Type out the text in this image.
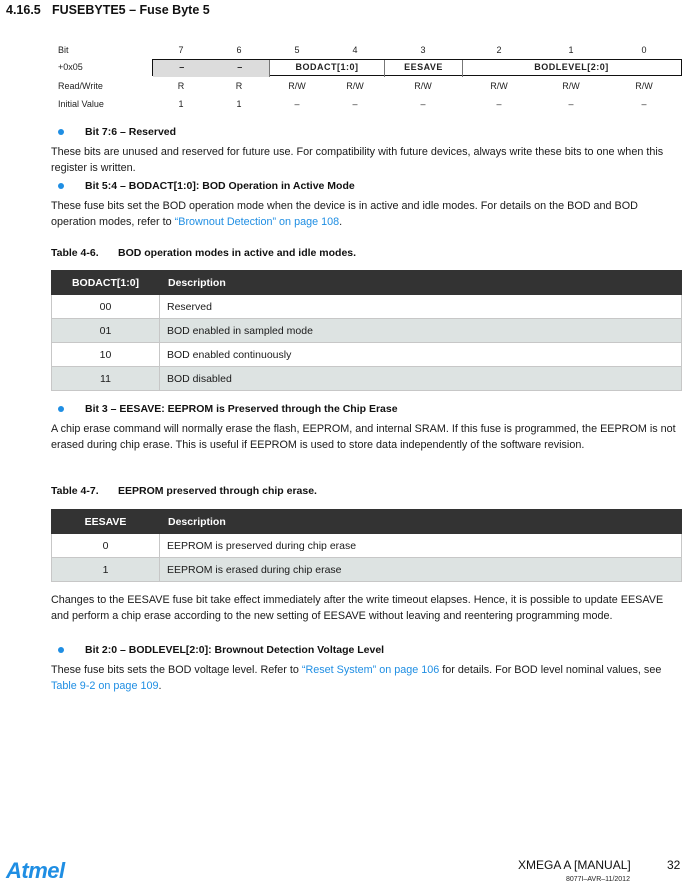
4.16.5 FUSEBYTE5 – Fuse Byte 5
Bit	7	6	5	4	3	2	1	0
+0x05	–	–	BODACT[1:0]	EESAVE	BODLEVEL[2:0]
Read/Write	R	R	R/W	R/W	R/W	R/W	R/W	R/W
Initial Value	1	1	–	–	–	–	–	–
Bit 7:6 – Reserved
These bits are unused and reserved for future use. For compatibility with future devices, always write these bits to one when this register is written.
Bit 5:4 – BODACT[1:0]: BOD Operation in Active Mode
These fuse bits set the BOD operation mode when the device is in active and idle modes. For details on the BOD and BOD operation modes, refer to “Brownout Detection” on page 108.
Table 4-6. BOD operation modes in active and idle modes.
BODACT[1:0]	Description
00	Reserved
01	BOD enabled in sampled mode
10	BOD enabled continuously
11	BOD disabled
Bit 3 – EESAVE: EEPROM is Preserved through the Chip Erase
A chip erase command will normally erase the flash, EEPROM, and internal SRAM. If this fuse is programmed, the EEPROM is not erased during chip erase. This is useful if EEPROM is used to store data independently of the software revision.
Table 4-7. EEPROM preserved through chip erase.
EESAVE	Description
0	EEPROM is preserved during chip erase
1	EEPROM is erased during chip erase
Changes to the EESAVE fuse bit take effect immediately after the write timeout elapses. Hence, it is possible to update EESAVE and perform a chip erase according to the new setting of EESAVE without leaving and reentering programming mode.
Bit 2:0 – BODLEVEL[2:0]: Brownout Detection Voltage Level
These fuse bits sets the BOD voltage level. Refer to “Reset System” on page 106 for details. For BOD level nominal values, see Table 9-2 on page 109.
Atmel	XMEGA A [MANUAL]	32
8077I–AVR–11/2012
